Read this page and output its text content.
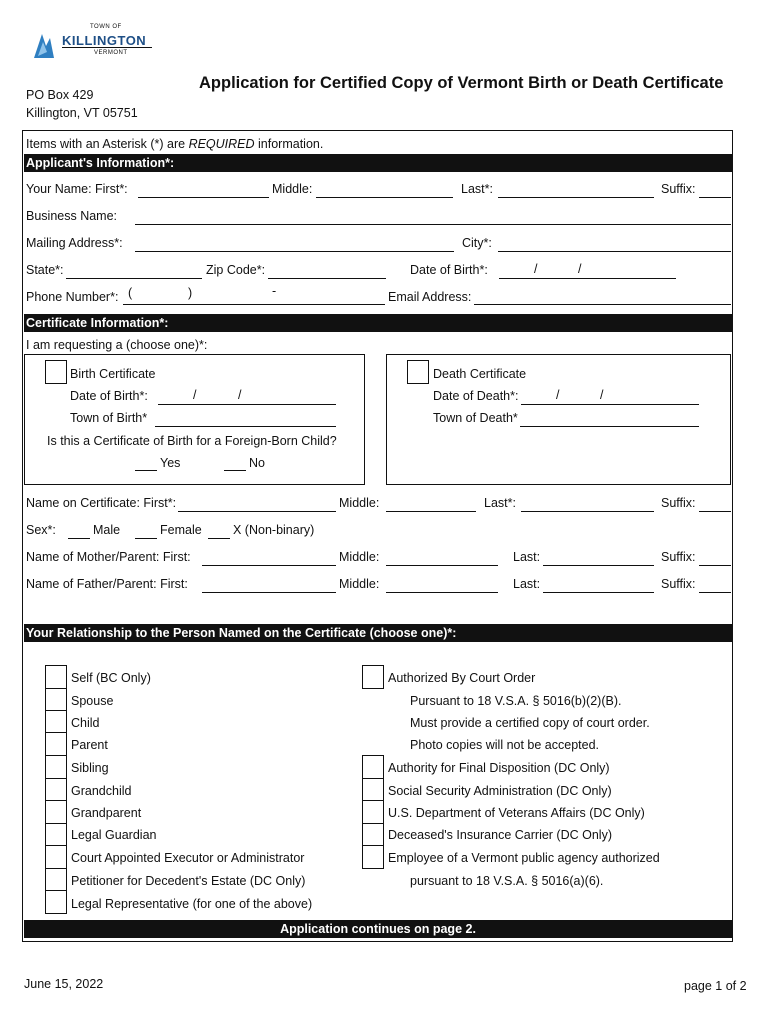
TOWN OF
KILLINGTON
VERMONT
PO Box 429
Killington, VT 05751
Application for Certified Copy of Vermont Birth or Death Certificate
Items with an Asterisk (*) are REQUIRED information.
Applicant's Information*:
Your Name: First*:	Middle:	Last*:	Suffix:
Business Name:
Mailing Address*:	City*:
State*:	Zip Code*:	Date of Birth*:	/	/
Phone Number*: (	)	-	Email Address:
Certificate Information*:
I am requesting a (choose one)*:
Birth Certificate
Date of Birth*:	/	/
Town of Birth*
Is this a Certificate of Birth for a Foreign-Born Child?
Yes	No
Death Certificate
Date of Death*:	/	/
Town of Death*
Name on Certificate: First*:	Middle:	Last*:	Suffix:
Sex*:	Male	Female	X (Non-binary)
Name of Mother/Parent: First:	Middle:	Last:	Suffix:
Name of Father/Parent: First:	Middle:	Last:	Suffix:
Your Relationship to the Person Named on the Certificate (choose one)*:
Self (BC Only)
Spouse
Child
Parent
Sibling
Grandchild
Grandparent
Legal Guardian
Court Appointed Executor or Administrator
Petitioner for Decedent's Estate (DC Only)
Legal Representative (for one of the above)
Authorized By Court Order
Pursuant to 18 V.S.A. § 5016(b)(2)(B).
Must provide a certified copy of court order.
Photo copies will not be accepted.
Authority for Final Disposition (DC Only)
Social Security Administration (DC Only)
U.S. Department of Veterans Affairs (DC Only)
Deceased's Insurance Carrier (DC Only)
Employee of a Vermont public agency authorized
pursuant to 18 V.S.A. § 5016(a)(6).
Application continues on page 2.
June 15, 2022	page 1 of 2
